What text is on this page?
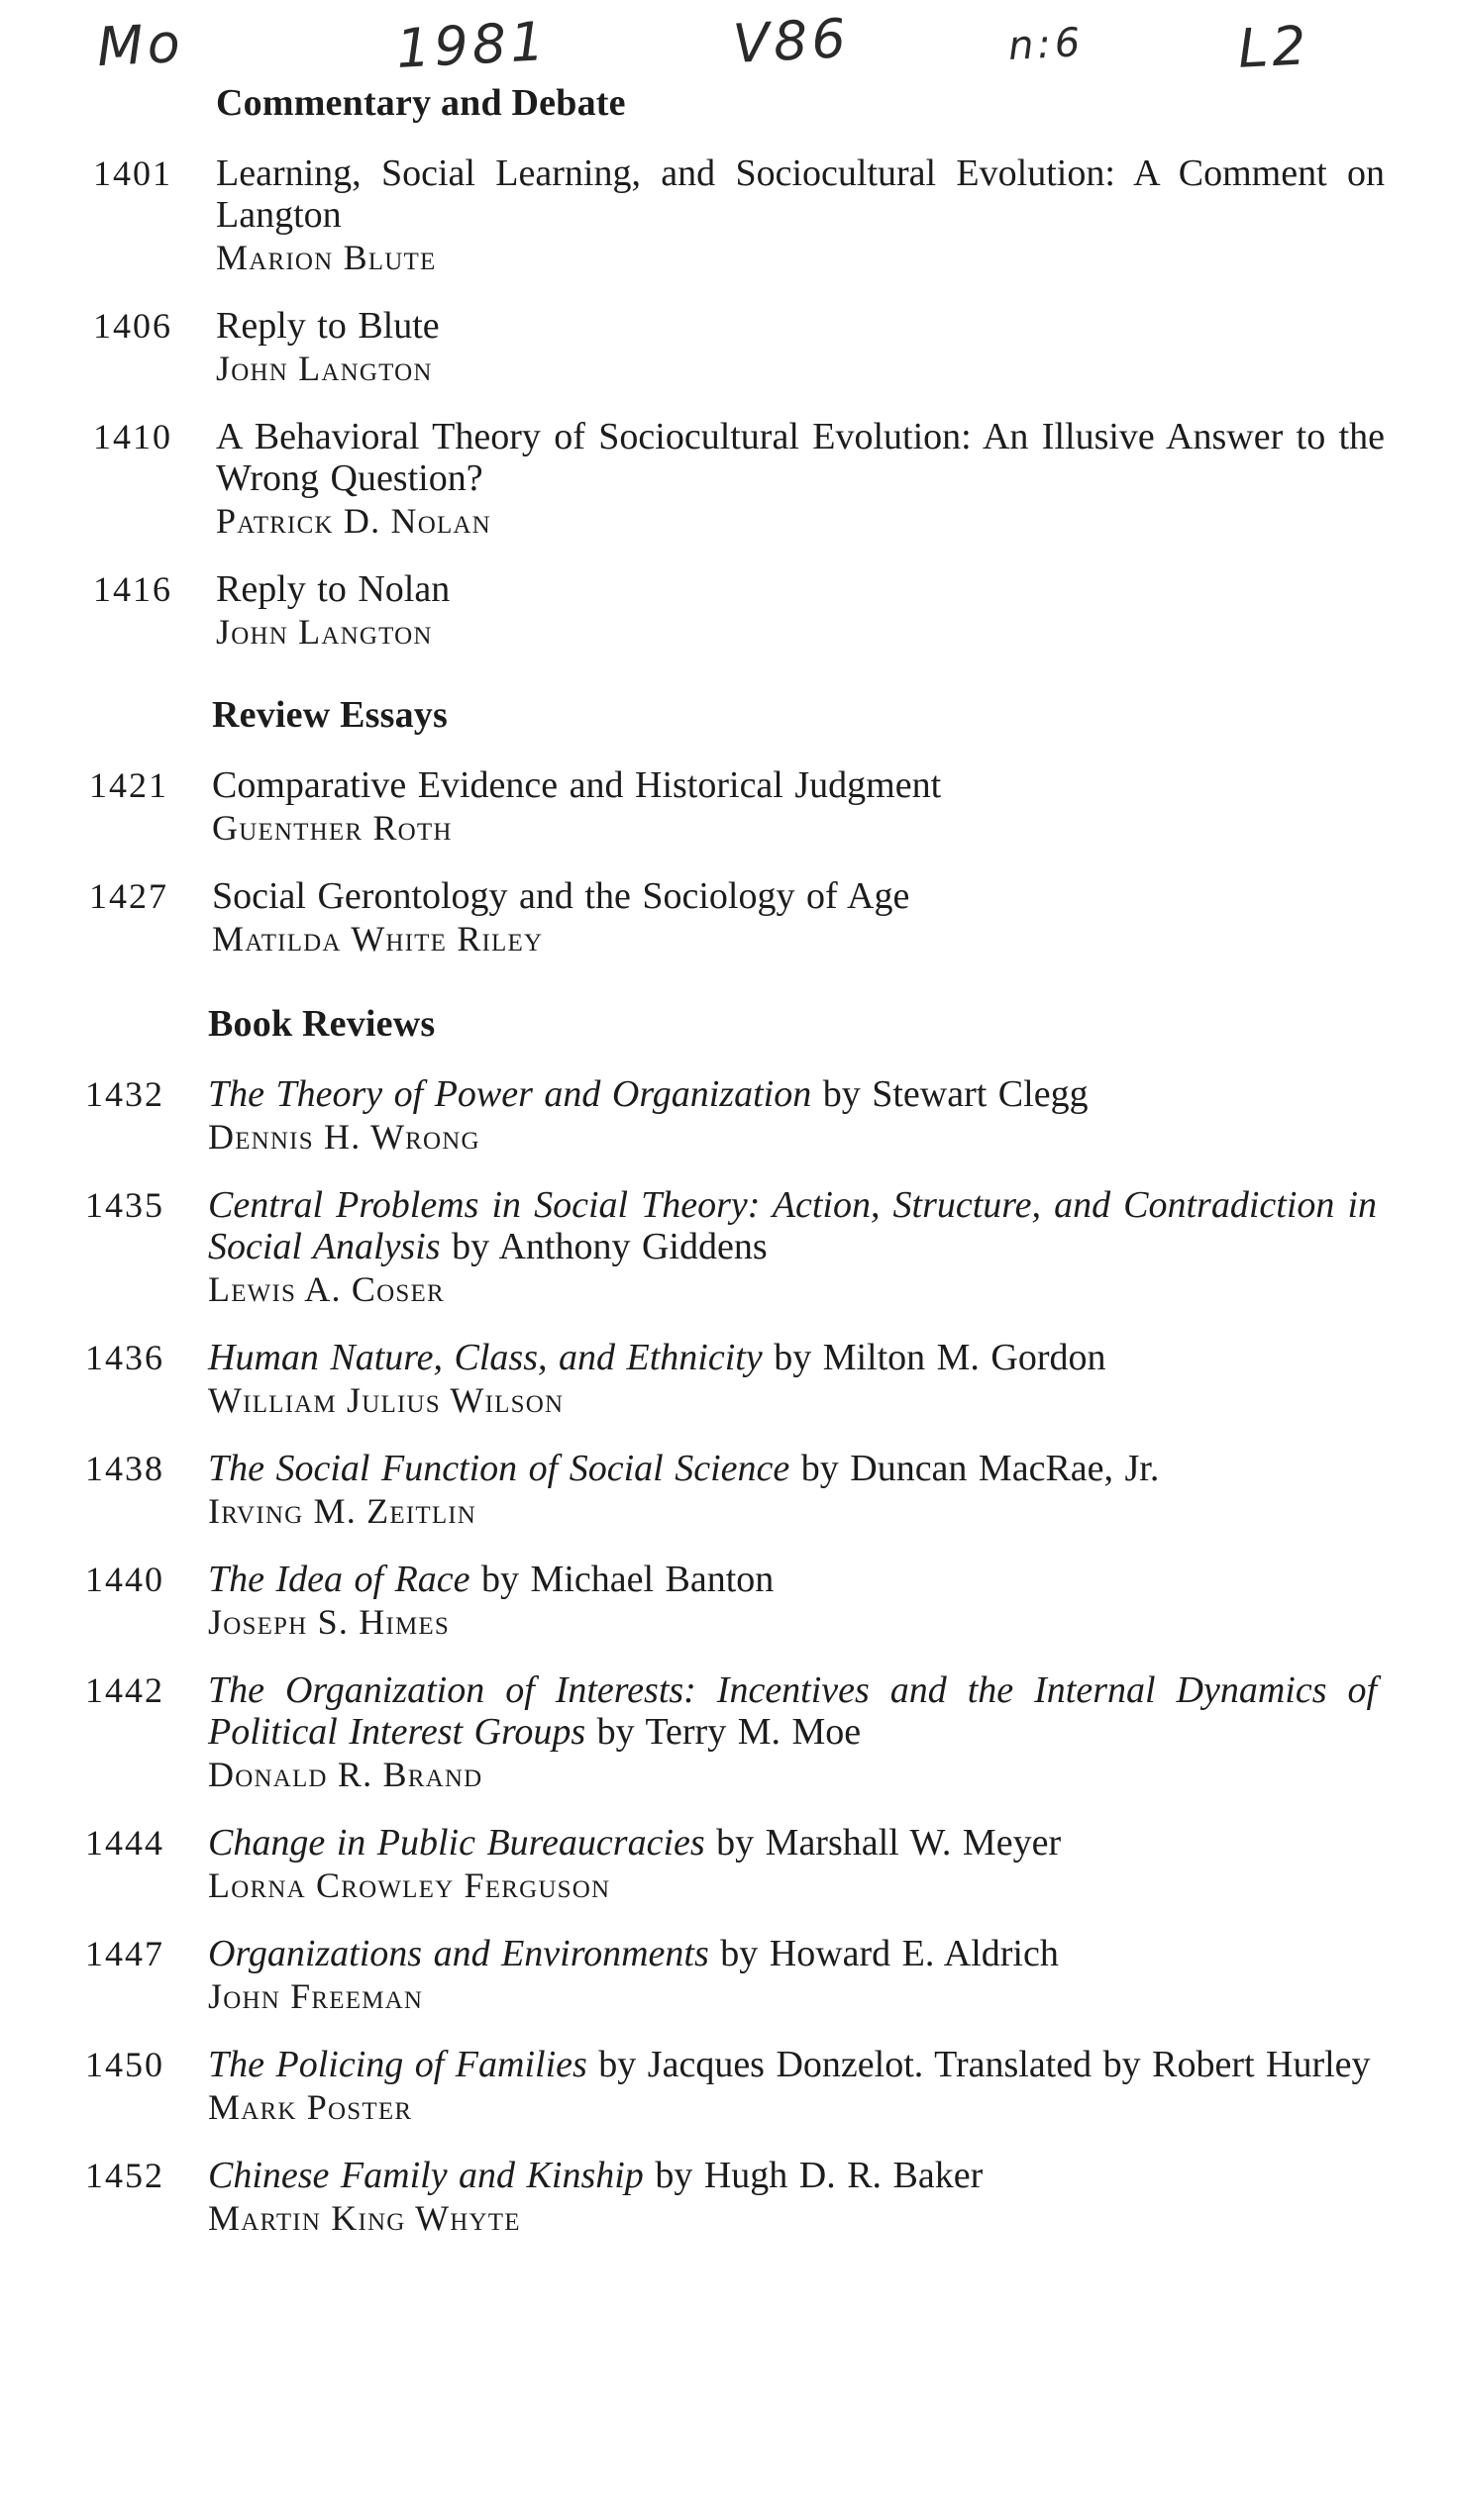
Mo	1981	V86	n:6	L2
Commentary and Debate
1401 Learning, Social Learning, and Sociocultural Evolution: A Comment on Langton
Marion Blute
1406 Reply to Blute
John Langton
1410 A Behavioral Theory of Sociocultural Evolution: An Illusive Answer to the Wrong Question?
Patrick D. Nolan
1416 Reply to Nolan
John Langton
Review Essays
1421 Comparative Evidence and Historical Judgment
Guenther Roth
1427 Social Gerontology and the Sociology of Age
Matilda White Riley
Book Reviews
1432 The Theory of Power and Organization by Stewart Clegg
Dennis H. Wrong
1435 Central Problems in Social Theory: Action, Structure, and Contradiction in Social Analysis by Anthony Giddens
Lewis A. Coser
1436 Human Nature, Class, and Ethnicity by Milton M. Gordon
William Julius Wilson
1438 The Social Function of Social Science by Duncan MacRae, Jr.
Irving M. Zeitlin
1440 The Idea of Race by Michael Banton
Joseph S. Himes
1442 The Organization of Interests: Incentives and the Internal Dynamics of Political Interest Groups by Terry M. Moe
Donald R. Brand
1444 Change in Public Bureaucracies by Marshall W. Meyer
Lorna Crowley Ferguson
1447 Organizations and Environments by Howard E. Aldrich
John Freeman
1450 The Policing of Families by Jacques Donzelot. Translated by Robert Hurley
Mark Poster
1452 Chinese Family and Kinship by Hugh D. R. Baker
Martin King Whyte
